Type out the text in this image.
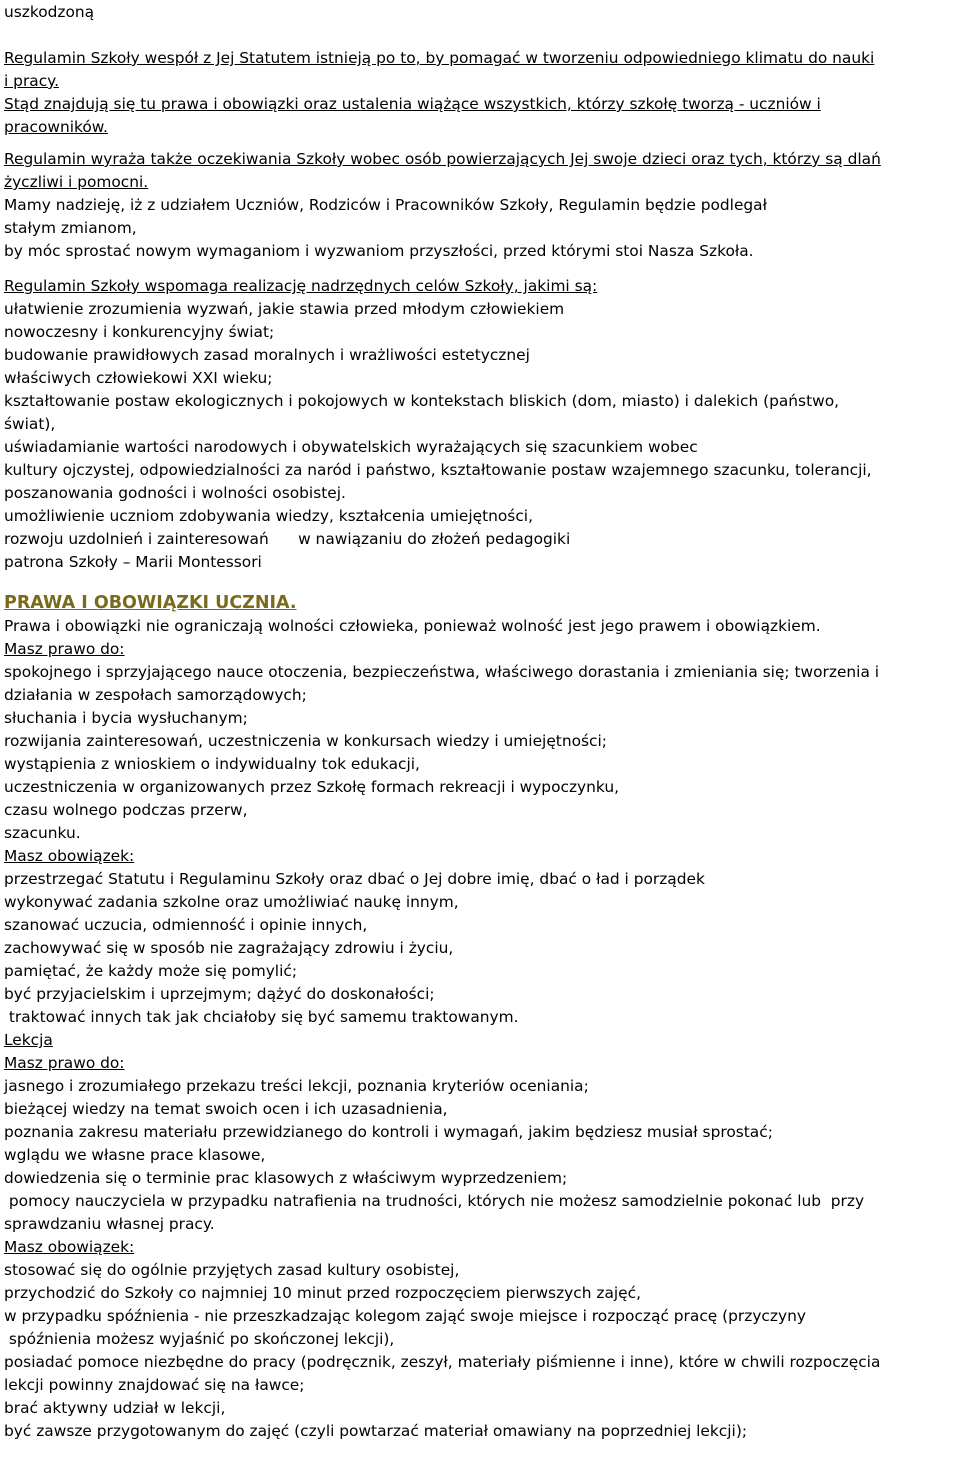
uszkodzoną
Regulamin Szkoły wespół z Jej Statutem istnieją po to, by pomagać w tworzeniu odpowiedniego klimatu do nauki
i pracy.
Stąd znajdują się tu prawa i obowiązki oraz ustalenia wiążące wszystkich, którzy szkołę tworzą - uczniów i
pracowników.
Regulamin wyraża także oczekiwania Szkoły wobec osób powierzających Jej swoje dzieci oraz tych, którzy są dlań
życzliwi i pomocni.
Mamy nadzieję, iż z udziałem Uczniów, Rodziców i Pracowników Szkoły, Regulamin będzie podlegał
stałym zmianom,
by móc sprostać nowym wymaganiom i wyzwaniom przyszłości, przed którymi stoi Nasza Szkoła.
Regulamin Szkoły wspomaga realizację nadrzędnych celów Szkoły, jakimi są:
ułatwienie zrozumienia wyzwań, jakie stawia przed młodym człowiekiem
nowoczesny i konkurencyjny świat;
budowanie prawidłowych zasad moralnych i wrażliwości estetycznej
właściwych człowiekowi XXI wieku;
kształtowanie postaw ekologicznych i pokojowych w kontekstach bliskich (dom, miasto) i dalekich (państwo,
świat),
uświadamianie wartości narodowych i obywatelskich wyrażających się szacunkiem wobec
kultury ojczystej, odpowiedzialności za naród i państwo, kształtowanie postaw wzajemnego szacunku, tolerancji,
poszanowania godności i wolności osobistej.
umożliwienie uczniom zdobywania wiedzy, kształcenia umiejętności,
rozwoju uzdolnień i zainteresowań      w nawiązaniu do złożeń pedagogiki
patrona Szkoły – Marii Montessori
PRAWA I OBOWIĄZKI UCZNIA.
Prawa i obowiązki nie ograniczają wolności człowieka, ponieważ wolność jest jego prawem i obowiązkiem.
Masz prawo do:
spokojnego i sprzyjającego nauce otoczenia, bezpieczeństwa, właściwego dorastania i zmieniania się; tworzenia i
działania w zespołach samorządowych;
słuchania i bycia wysłuchanym;
rozwijania zainteresowań, uczestniczenia w konkursach wiedzy i umiejętności;
wystąpienia z wnioskiem o indywidualny tok edukacji,
uczestniczenia w organizowanych przez Szkołę formach rekreacji i wypoczynku,
czasu wolnego podczas przerw,
szacunku.
Masz obowiązek:
przestrzegać Statutu i Regulaminu Szkoły oraz dbać o Jej dobre imię, dbać o ład i porządek
wykonywać zadania szkolne oraz umożliwiać naukę innym,
szanować uczucia, odmienność i opinie innych,
zachowywać się w sposób nie zagrażający zdrowiu i życiu,
pamiętać, że każdy może się pomylić;
być przyjacielskim i uprzejmym; dążyć do doskonałości;
traktować innych tak jak chciałoby się być samemu traktowanym.
Lekcja
Masz prawo do:
jasnego i zrozumiałego przekazu treści lekcji, poznania kryteriów oceniania;
bieżącej wiedzy na temat swoich ocen i ich uzasadnienia,
poznania zakresu materiału przewidzianego do kontroli i wymagań, jakim będziesz musiał sprostać;
wglądu we własne prace klasowe,
dowiedzenia się o terminie prac klasowych z właściwym wyprzedzeniem;
pomocy nauczyciela w przypadku natrafienia na trudności, których nie możesz samodzielnie pokonać lub  przy
sprawdzaniu własnej pracy.
Masz obowiązek:
stosować się do ogólnie przyjętych zasad kultury osobistej,
przychodzić do Szkoły co najmniej 10 minut przed rozpoczęciem pierwszych zajęć,
w przypadku spóźnienia - nie przeszkadzając kolegom zająć swoje miejsce i rozpocząć pracę (przyczyny
spóźnienia możesz wyjaśnić po skończonej lekcji),
posiadać pomoce niezbędne do pracy (podręcznik, zeszył, materiały piśmienne i inne), które w chwili rozpoczęcia
lekcji powinny znajdować się na ławce;
brać aktywny udział w lekcji,
być zawsze przygotowanym do zajęć (czyli powtarzać materiał omawiany na poprzedniej lekcji);
